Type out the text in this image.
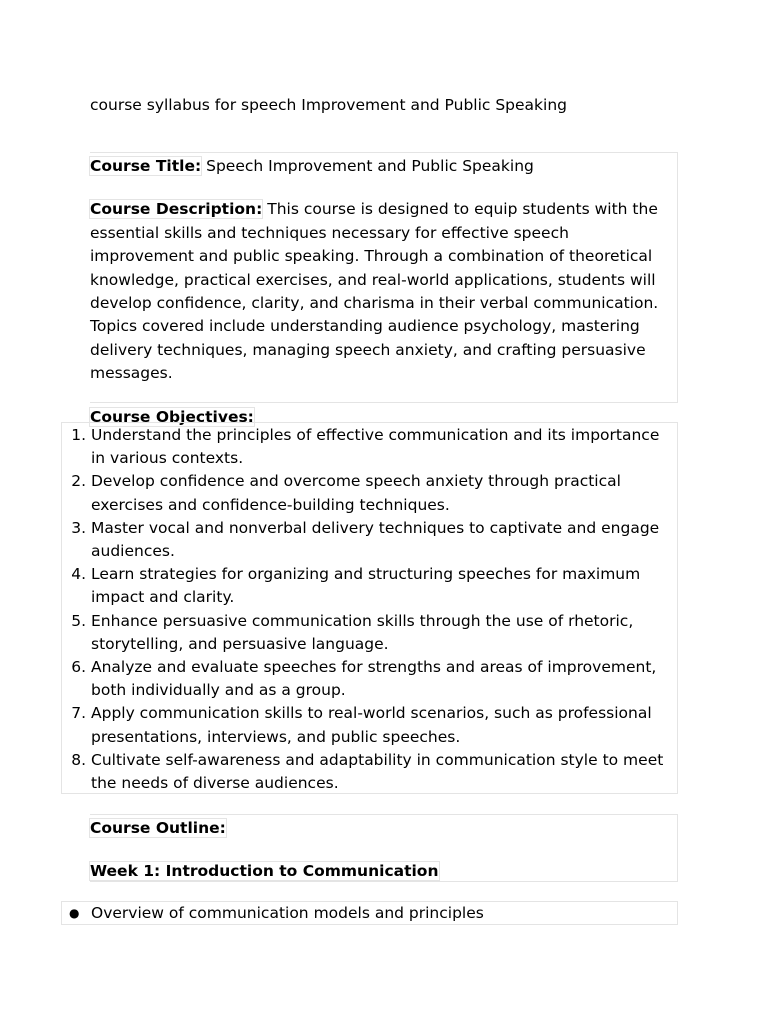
course syllabus for speech Improvement and Public Speaking

Course Title: Speech Improvement and Public Speaking

Course Description: This course is designed to equip students with the essential skills and techniques necessary for effective speech improvement and public speaking. Through a combination of theoretical knowledge, practical exercises, and real-world applications, students will develop confidence, clarity, and charisma in their verbal communication. Topics covered include understanding audience psychology, mastering delivery techniques, managing speech anxiety, and crafting persuasive messages.

Course Objectives:

1. Understand the principles of effective communication and its importance in various contexts.
2. Develop confidence and overcome speech anxiety through practical exercises and confidence-building techniques.
3. Master vocal and nonverbal delivery techniques to captivate and engage audiences.
4. Learn strategies for organizing and structuring speeches for maximum impact and clarity.
5. Enhance persuasive communication skills through the use of rhetoric, storytelling, and persuasive language.
6. Analyze and evaluate speeches for strengths and areas of improvement, both individually and as a group.
7. Apply communication skills to real-world scenarios, such as professional presentations, interviews, and public speeches.
8. Cultivate self-awareness and adaptability in communication style to meet the needs of diverse audiences.

Course Outline:

Week 1: Introduction to Communication

● Overview of communication models and principles
